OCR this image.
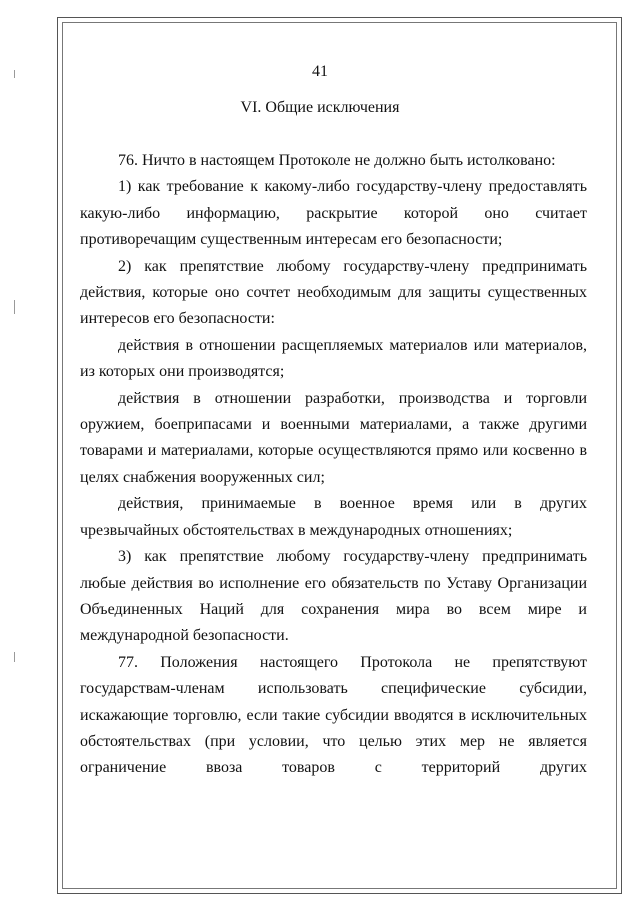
41
VI. Общие исключения

76. Ничто в настоящем Протоколе не должно быть истолковано:

1) как требование к какому-либо государству-члену предоставлять какую-либо информацию, раскрытие которой оно считает противоречащим существенным интересам его безопасности;

2) как препятствие любому государству-члену предпринимать действия, которые оно сочтет необходимым для защиты существенных интересов его безопасности:

действия в отношении расщепляемых материалов или материалов, из которых они производятся;

действия в отношении разработки, производства и торговли оружием, боеприпасами и военными материалами, а также другими товарами и материалами, которые осуществляются прямо или косвенно в целях снабжения вооруженных сил;

действия, принимаемые в военное время или в других чрезвычайных обстоятельствах в международных отношениях;

3) как препятствие любому государству-члену предпринимать любые действия во исполнение его обязательств по Уставу Организации Объединенных Наций для сохранения мира во всем мире и международной безопасности.

77. Положения настоящего Протокола не препятствуют государствам-членам использовать специфические субсидии, искажающие торговлю, если такие субсидии вводятся в исключительных обстоятельствах (при условии, что целью этих мер не является ограничение ввоза товаров с территорий других
